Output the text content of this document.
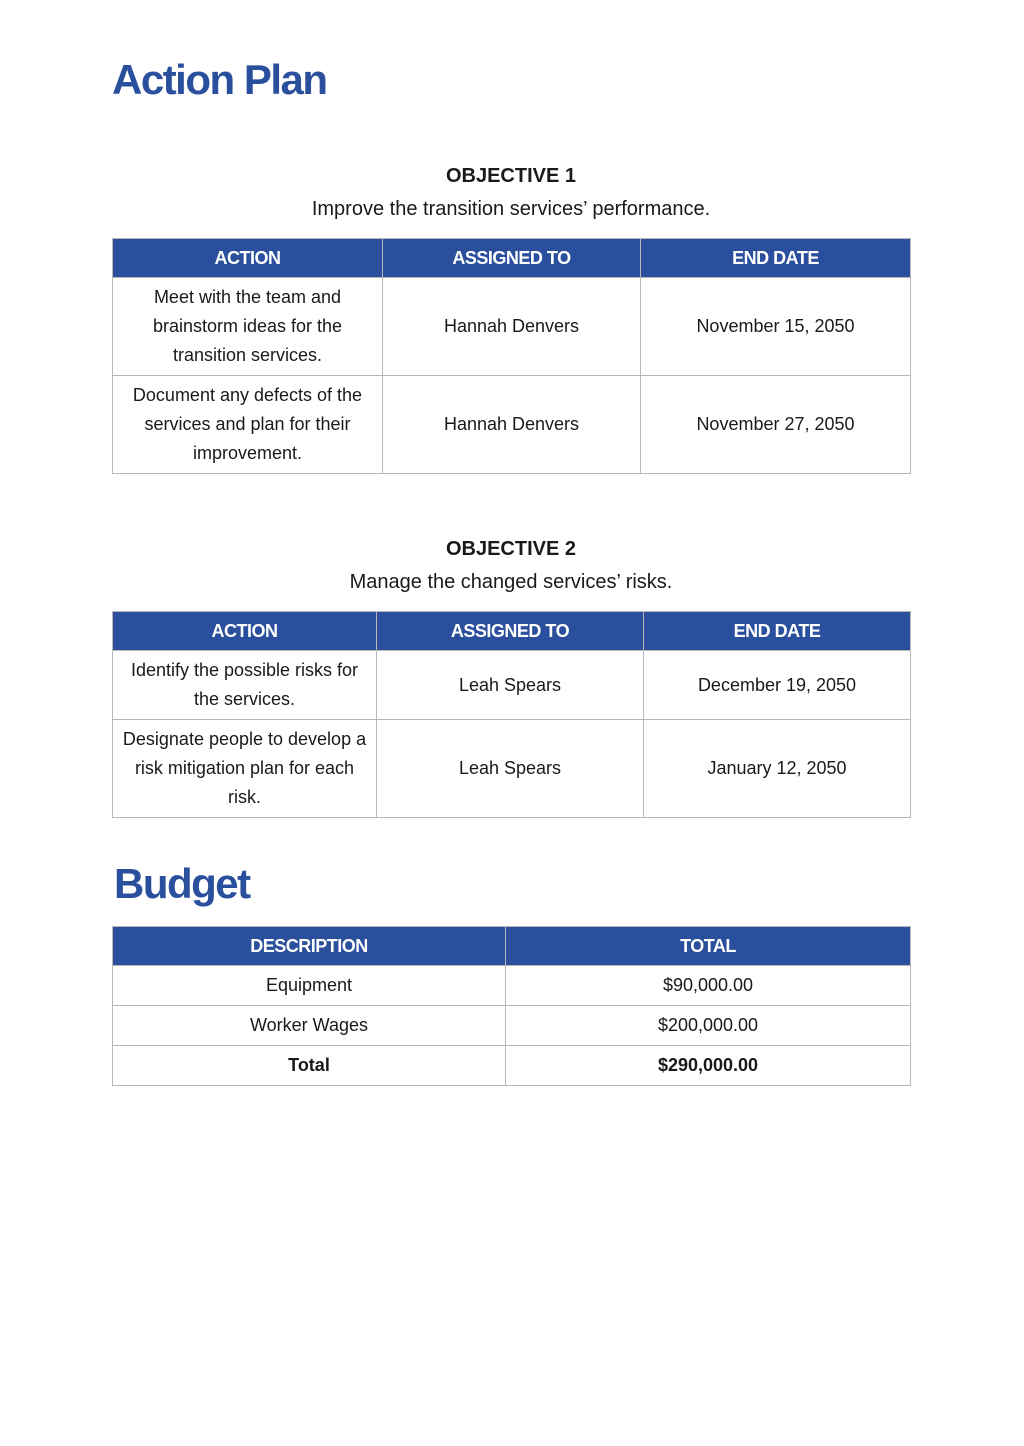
Action Plan
OBJECTIVE 1
Improve the transition services’ performance.
ACTION	ASSIGNED TO	END DATE
Meet with the team and brainstorm ideas for the transition services.	Hannah Denvers	November 15, 2050
Document any defects of the services and plan for their improvement.	Hannah Denvers	November 27, 2050
OBJECTIVE 2
Manage the changed services’ risks.
ACTION	ASSIGNED TO	END DATE
Identify the possible risks for the services.	Leah Spears	December 19, 2050
Designate people to develop a risk mitigation plan for each risk.	Leah Spears	January 12, 2050
Budget
DESCRIPTION	TOTAL
Equipment	$90,000.00
Worker Wages	$200,000.00
Total	$290,000.00
